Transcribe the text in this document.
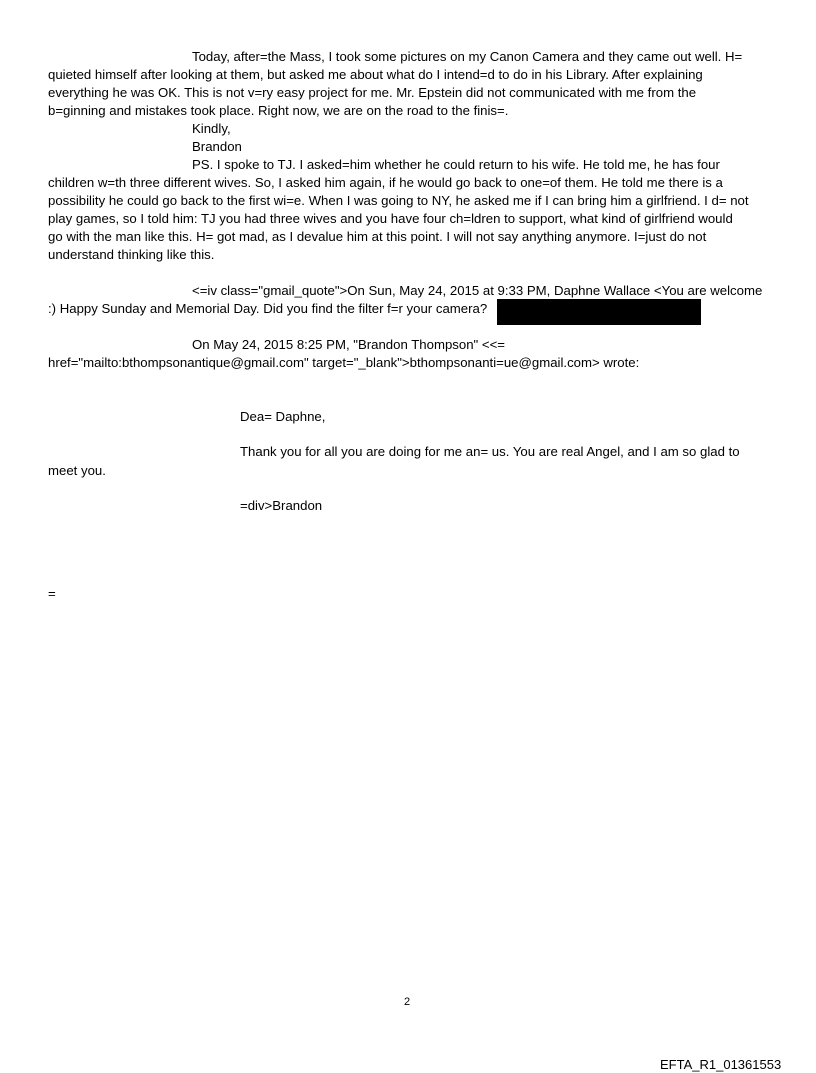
Today, after=the Mass, I took some pictures on my Canon Camera and they came out well. H=
quieted himself after looking at them, but asked me about what do I intend=d to do in his Library. After explaining
everything he was OK. This is not v=ry easy project for me. Mr. Epstein did not communicated with me from the
b=ginning and mistakes took place. Right now, we are on the road to the finis=.
Kindly,
Brandon
PS. I spoke to TJ. I asked=him whether he could return to his wife. He told me, he has four
children w=th three different wives. So, I asked him again, if he would go back to one=of them. He told me there is a
possibility he could go back to the first wi=e. When I was going to NY, he asked me if I can bring him a girlfriend. I d= not
play games, so I told him: TJ you had three wives and you have four ch=ldren to support, what kind of girlfriend would
go with the man like this. H= got mad, as I devalue him at this point. I will not say anything anymore. I=just do not
understand thinking like this.
<=iv class="gmail_quote">On Sun, May 24, 2015 at 9:33 PM, Daphne Wallace <You are welcome
:) Happy Sunday and Memorial Day. Did you find the filter f=r your camera?
On May 24, 2015 8:25 PM, "Brandon Thompson" <<=
href="mailto:bthompsonantique@gmail.com" target="_blank">bthompsonanti=ue@gmail.com> wrote:
Dea= Daphne,
Thank you for all you are doing for me an= us. You are real Angel, and I am so glad to
meet you.
=div>Brandon
=
2
EFTA_R1_01361553
